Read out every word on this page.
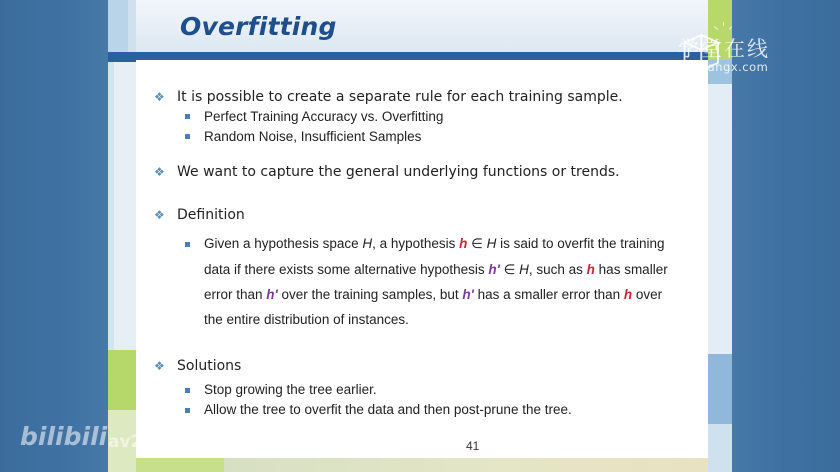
Overfitting
❖ It is possible to create a separate rule for each training sample.
Perfect Training Accuracy vs. Overfitting
Random Noise, Insufficient Samples
❖ We want to capture the general underlying functions or trends.
❖ Definition
Given a hypothesis space H, a hypothesis h ∈ H is said to overfit the training
data if there exists some alternative hypothesis h' ∈ H, such as h has smaller
error than h' over the training samples, but h' has a smaller error than h over
the entire distribution of instances.
❖ Solutions
Stop growing the tree earlier.
Allow the tree to overfit the data and then post-prune the tree.
41
学堂在线
xuetangx.com
bilibili av23933161 11:20/22:59
